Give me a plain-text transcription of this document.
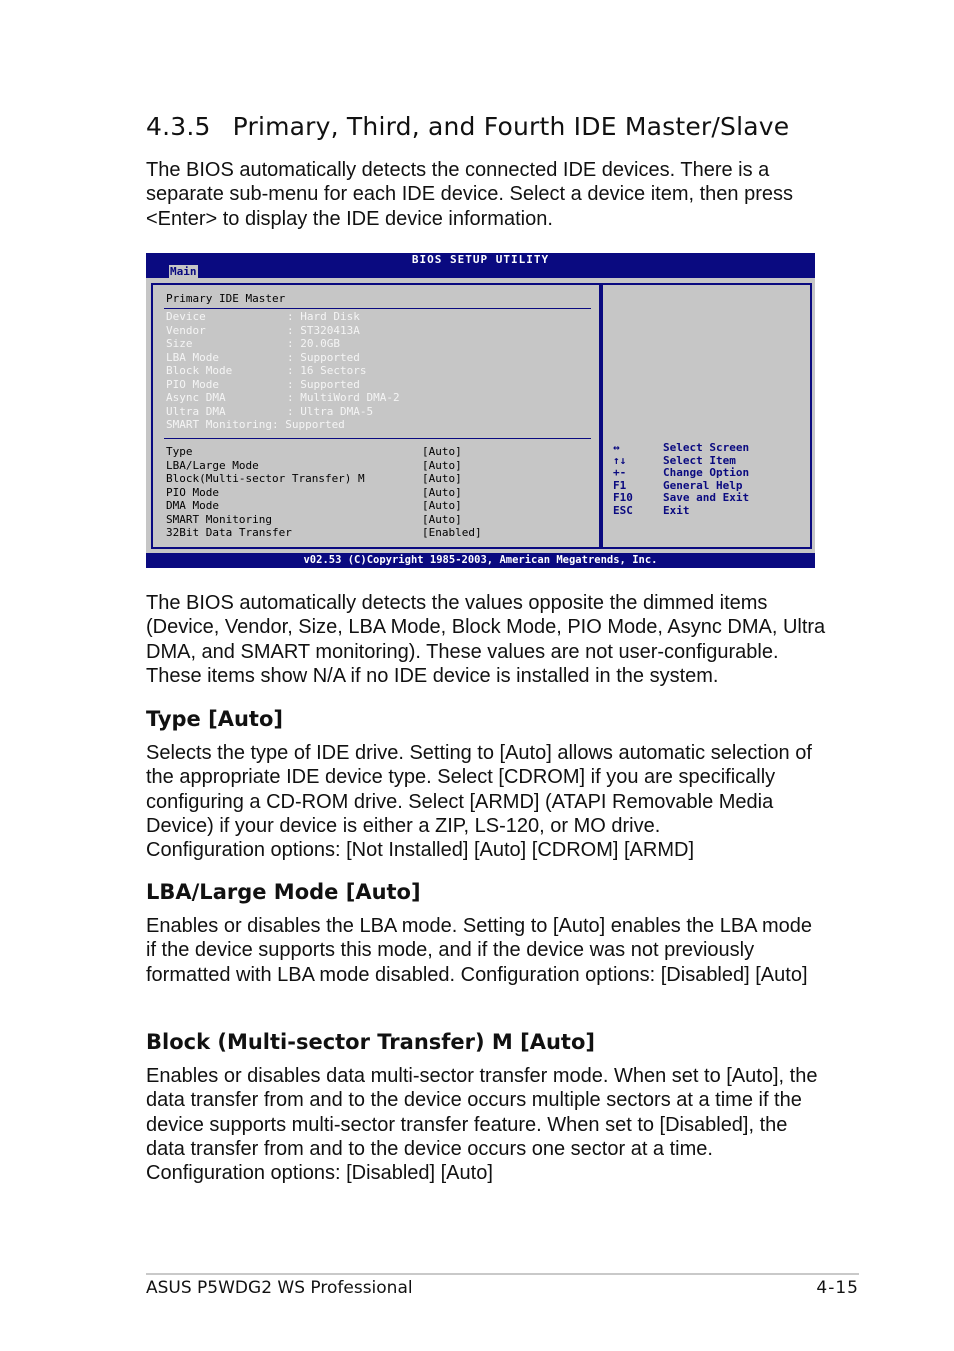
4.3.5 Primary, Third, and Fourth IDE Master/Slave

The BIOS automatically detects the connected IDE devices. There is a separate sub-menu for each IDE device. Select a device item, then press <Enter> to display the IDE device information.

BIOS SETUP UTILITY
Main
Primary IDE Master
Device	: Hard Disk
Vendor	: ST320413A
Size	: 20.0GB
LBA Mode	: Supported
Block Mode	: 16 Sectors
PIO Mode	: Supported
Async DMA	: MultiWord DMA-2
Ultra DMA	: Ultra DMA-5
SMART Monitoring: Supported
Type	[Auto]
LBA/Large Mode	[Auto]
Block(Multi-sector Transfer) M	[Auto]
PIO Mode	[Auto]
DMA Mode	[Auto]
SMART Monitoring	[Auto]
32Bit Data Transfer	[Enabled]
↔	Select Screen
↑↓	Select Item
+-	Change Option
F1	General Help
F10	Save and Exit
ESC	Exit
v02.53 (C)Copyright 1985-2003, American Megatrends, Inc.

The BIOS automatically detects the values opposite the dimmed items (Device, Vendor, Size, LBA Mode, Block Mode, PIO Mode, Async DMA, Ultra DMA, and SMART monitoring). These values are not user-configurable. These items show N/A if no IDE device is installed in the system.

Type [Auto]

Selects the type of IDE drive. Setting to [Auto] allows automatic selection of the appropriate IDE device type. Select [CDROM] if you are specifically configuring a CD-ROM drive. Select [ARMD] (ATAPI Removable Media Device) if your device is either a ZIP, LS-120, or MO drive.

Configuration options: [Not Installed] [Auto] [CDROM] [ARMD]

LBA/Large Mode [Auto]

Enables or disables the LBA mode. Setting to [Auto] enables the LBA mode if the device supports this mode, and if the device was not previously formatted with LBA mode disabled. Configuration options: [Disabled] [Auto]

Block (Multi-sector Transfer) M [Auto]

Enables or disables data multi-sector transfer mode. When set to [Auto], the data transfer from and to the device occurs multiple sectors at a time if the device supports multi-sector transfer feature. When set to [Disabled], the data transfer from and to the device occurs one sector at a time. Configuration options: [Disabled] [Auto]

ASUS P5WDG2 WS Professional	4-15
